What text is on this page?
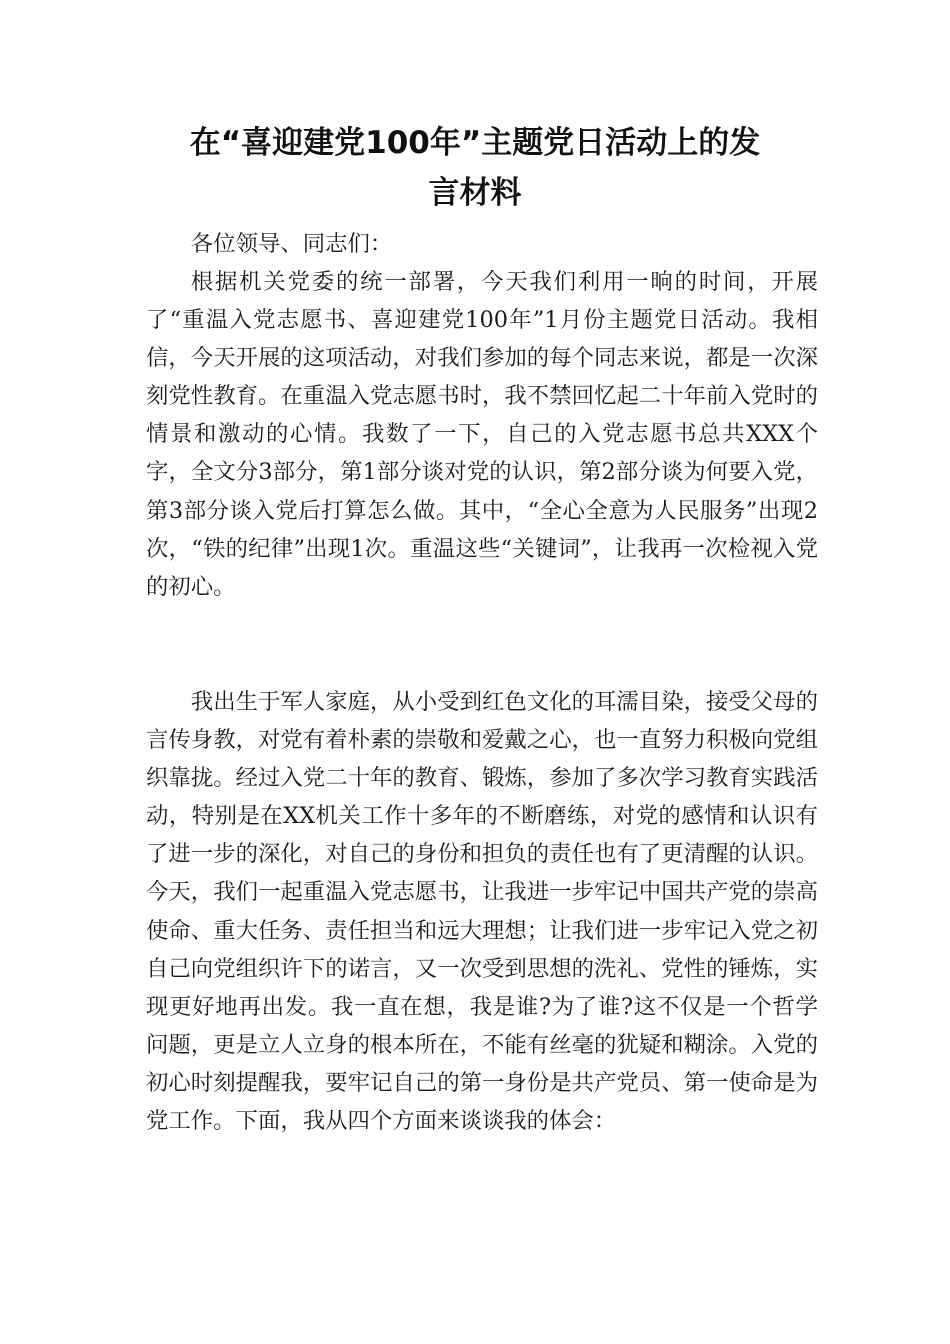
在“喜迎建党100年”主题党日活动上的发
言材料

各位领导、同志们：

根据机关党委的统一部署，今天我们利用一晌的时间，开展了“重温入党志愿书、喜迎建党100年”1月份主题党日活动。我相信，今天开展的这项活动，对我们参加的每个同志来说，都是一次深刻党性教育。在重温入党志愿书时，我不禁回忆起二十年前入党时的情景和激动的心情。我数了一下，自己的入党志愿书总共XXX个字，全文分3部分，第1部分谈对党的认识，第2部分谈为何要入党，第3部分谈入党后打算怎么做。其中，“全心全意为人民服务”出现2次，“铁的纪律”出现1次。重温这些“关键词”，让我再一次检视入党的初心。

我出生于军人家庭，从小受到红色文化的耳濡目染，接受父母的言传身教，对党有着朴素的崇敬和爱戴之心，也一直努力积极向党组织靠拢。经过入党二十年的教育、锻炼，参加了多次学习教育实践活动，特别是在XX机关工作十多年的不断磨练，对党的感情和认识有了进一步的深化，对自己的身份和担负的责任也有了更清醒的认识。今天，我们一起重温入党志愿书，让我进一步牢记中国共产党的崇高使命、重大任务、责任担当和远大理想；让我们进一步牢记入党之初自己向党组织许下的诺言，又一次受到思想的洗礼、党性的锤炼，实现更好地再出发。我一直在想，我是谁?为了谁?这不仅是一个哲学问题，更是立人立身的根本所在，不能有丝毫的犹疑和糊涂。入党的初心时刻提醒我，要牢记自己的第一身份是共产党员、第一使命是为党工作。下面，我从四个方面来谈谈我的体会：
